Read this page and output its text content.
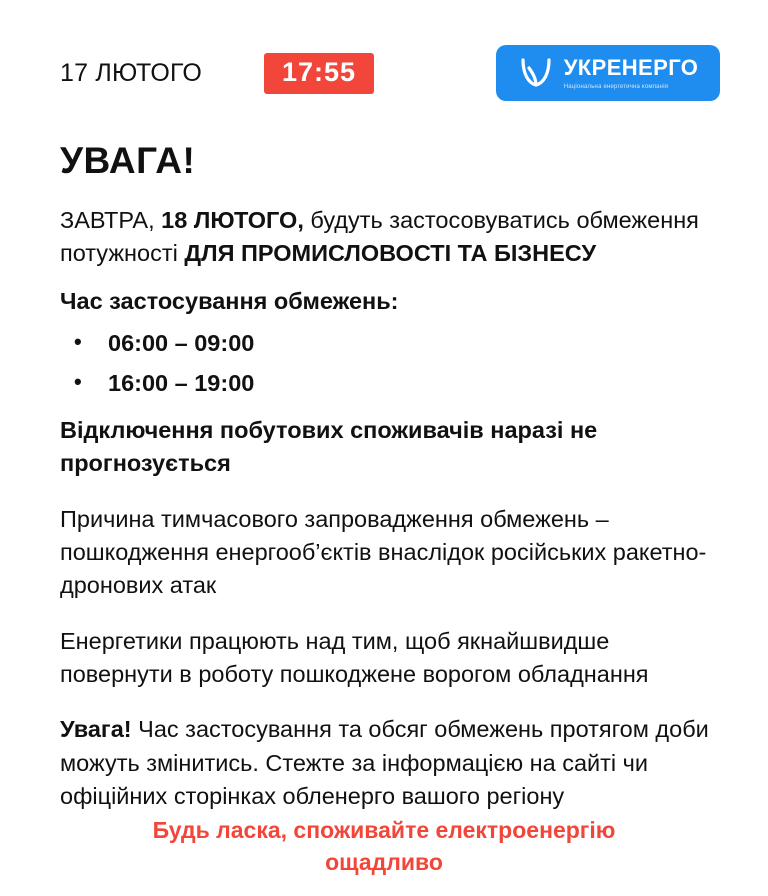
17 ЛЮТОГО	17:55	УКРЕНЕРГО
Національна енергетична компанія
УВАГА!

ЗАВТРА, 18 ЛЮТОГО, будуть застосовуватись обмеження потужності ДЛЯ ПРОМИСЛОВОСТІ ТА БІЗНЕСУ

Час застосування обмежень:
• 06:00 – 09:00
• 16:00 – 19:00
Відключення побутових споживачів наразі не прогнозується

Причина тимчасового запровадження обмежень – пошкодження енергооб’єктів внаслідок російських ракетно-дронових атак

Енергетики працюють над тим, щоб якнайшвидше повернути в роботу пошкоджене ворогом обладнання

Увага! Час застосування та обсяг обмежень протягом доби можуть змінитись. Стежте за інформацією на сайті чи офіційних сторінках обленерго вашого регіону

Будь ласка, споживайте електроенергію
ощадливо
